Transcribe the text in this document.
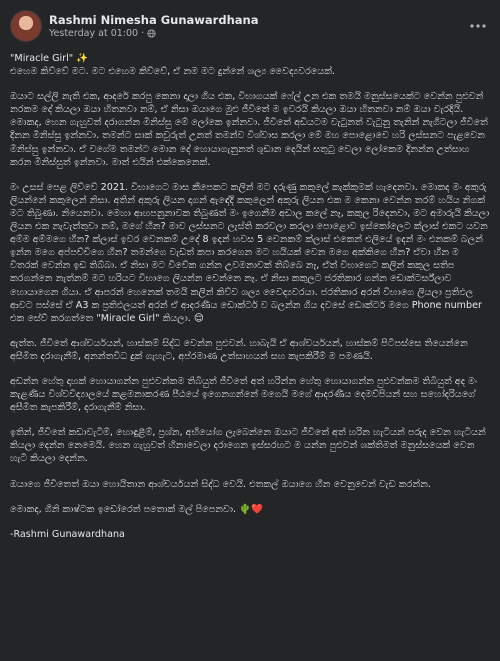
Rashmi Nimesha Gunawardhana
Yesterday at 01:00 ·

"Miracle Girl" ✨
එහෙම කිව්වේ මට. මට එහෙම කිව්වේ, ඒ නම මට දුන්නේ ශල්‍ය වෛද්‍යවරයෙක්.

ඔයාට සල්ලි නැති එක, ආදරේ කරපු කෙනා දාලා ගිය එක, විභාගයක් ෆේල් උන එක තමයි මනුස්සයෙක්ට වෙන්න පුළුවන් නරකම දේ කියලා ඔයා හිතනවා නම්, ඒ නිසා ඔයාගෙ මුළු ජීවිතේ ම ඉවරයි කියලා ඔයා හිතනවා නම් ඔයා වැරදියි. මොකද, හෙන ගැහුවත් දරාගන්න මිනිස්සු මේ ලෝකෙ ඉන්නවා. ජීවිතේ අඩියටම වැටුනත් වැටුනු තැනින් නැගිටලා ජීවිතේ දිනන මිනිස්සු ඉන්නවා. තමන්ට සාක් කවුරුත් උනත් තමන්ව විශ්වාස කරලා මේ මහ පොළොවෙ හරි ලස්සනට පැළවෙන මිනිස්සු ඉන්නවා. ඒ වගේම තමන්ට මොන දේ හොයාගැනුනත් ශුඩාන දෙයින් සතුටු වෙලා ලෝකෙම දිනන්න උත්සාහ කරන මිනිස්සුත් ඉන්නවා. මාත් එයින් එක්කෙනෙක්.

මං උසස් පෙළ ලිව්වේ 2021. විභාගෙට මාස කීපෙකට කලින් මට දරුණු කකුලේ කැක්කුමක් හැදෙනවා. මොකද මං අකුරු ලියන්නේ කකුලෙන් නිසා. අතින් අකුරු ලියන දාගන් ඇඳේදි කකුලෙන් අකුරු ලියන එක ම කෙනා වෙන්න තරම් හයිය නිගක් මට තිබුණා. නියෙනවා. මෙහා ආහපනුනාවක තිබුණත් මං ඉගෙනීම අඩාල කලේ නෑ, කකුල රිදෙනවා, මට අමාරුයි කියලා ලියන එක නැවැත්තුවා නම්, මගේ හීන? මාව ලස්සනට ලැස්ති කරවලා කරලා පොළොව ඉස්කෝලෙට ක්ලාස් එකට යවන අම්ම අම්මගෙ හීන? ක්ලාස් ඉවර වෙනකම් උදේ 8 ඉදන් හවස 5 වෙනකම් ක්ලාස් එකෙන් එලියේ ඉදන් මං එනකම් බලන් ඉන්න මගෙ අප්පච්චිගෙ හීන? තමන්ගෙ වැඩත් කපා කරගෙන මට හයියක් වෙන මගෙ අක්කිගෙ හීන? ඒවා හීන ම විතරක් වෙන්න ඉඩ තිබ්බා. ඒ නිසා මට විවේක ගන්න උවමනාවක් තිබ්බෙ නෑ, ඒත් විභාගෙට කලින් කකුල සතිප කරගන්නෙ නැත්නම් මට හරියට විභාගෙ ලියන්න වෙන්නෙ නෑ. ඒ නිසා කකුලට ජරතිකාර ගන්න ඩොක්ටර්ස්ලාව හොයාගෙන ගියා. ඒ ආපරන් හෙනෙක් තමයි කලින් කිව්ව ශල්‍ය වෛද්‍යවරයා. ජරතිකාර අරන් විභාගෙ ලියලා ප්‍රතිඵල ආවට පස්සේ ඒ A3 ක ප්‍රතිඵලයත් අරන් ඒ ආදරණීය ඩොක්ටර් ව බලන්න ගිය දවසේ ඩොක්ටර් මගෙ Phone number එක සේව් කරගත්තෙ "Miracle Girl" කියලා. 😌

ඇත්ත. ජීවිතේ ආශ්චර්යයන්, හාස්කම් සිද්ධ වෙන්න පුළුවන්. හාබැයි ඒ ආශ්චර්යයන්, හාස්කම් පිටිපස්සෙ තියෙන්නෙ අසීමිත දරාගැනීම්, අනන්තවිධ දුක් ගැහැට, අප්රමාණ උත්සාහයන් සහ කැපකිරීම් ම පමණයි.

අඩන්න හේතු දාහක් හොයාගන්න පුළුවන්කම තිබියුත් ජීවිතේ අත් හරින්න හේතු හොයාගන්න පුළුවන්කම තිබියුත් අද මං කැළණිය විශ්වවිද්‍යාලයේ කළමනාකරණ පීඨයේ ඉගෙනගන්නේ මගෙයි මගේ ආදරණීය දෙමව්පියන් සහ සහෝදරියගේ අසීමිත කැපකිරීම්, දරාගැනීම් නිසා.

ඉතින්, ජීවිතේ කඩාවැටීම්, හොඳුළීම්, ප්‍රශ්න, අභියෝග ලැබෙන්නෙ ඔයාට ජීවිතේ අත් හරින හැටියන් පරුද වෙන හැටියන් කියලා දෙන්න නෙමෙයි. හෙන ගැහුවත් හිනාවෙලා දරාගෙන ඉස්සරහට ම යන්න පුළුවන් ශක්තිමත් මනුස්සයෙක් වෙන හැටි කියලා දෙන්න.

ඔයාගෙ ජීවිතෙත් ඔයා හොයිතාන ආශ්චර්යයන් සිද්ධ වෙයි. එතකල් ඔයාගෙ හීන වෙනුවෙන් වැඩ කරන්න.

මොකද, ගිනි කාෂ්ටක ඉඩෝරෙත් පතොක් මල් පිපෙනවා. 🌵❤️

-Rashmi Gunawardhana
